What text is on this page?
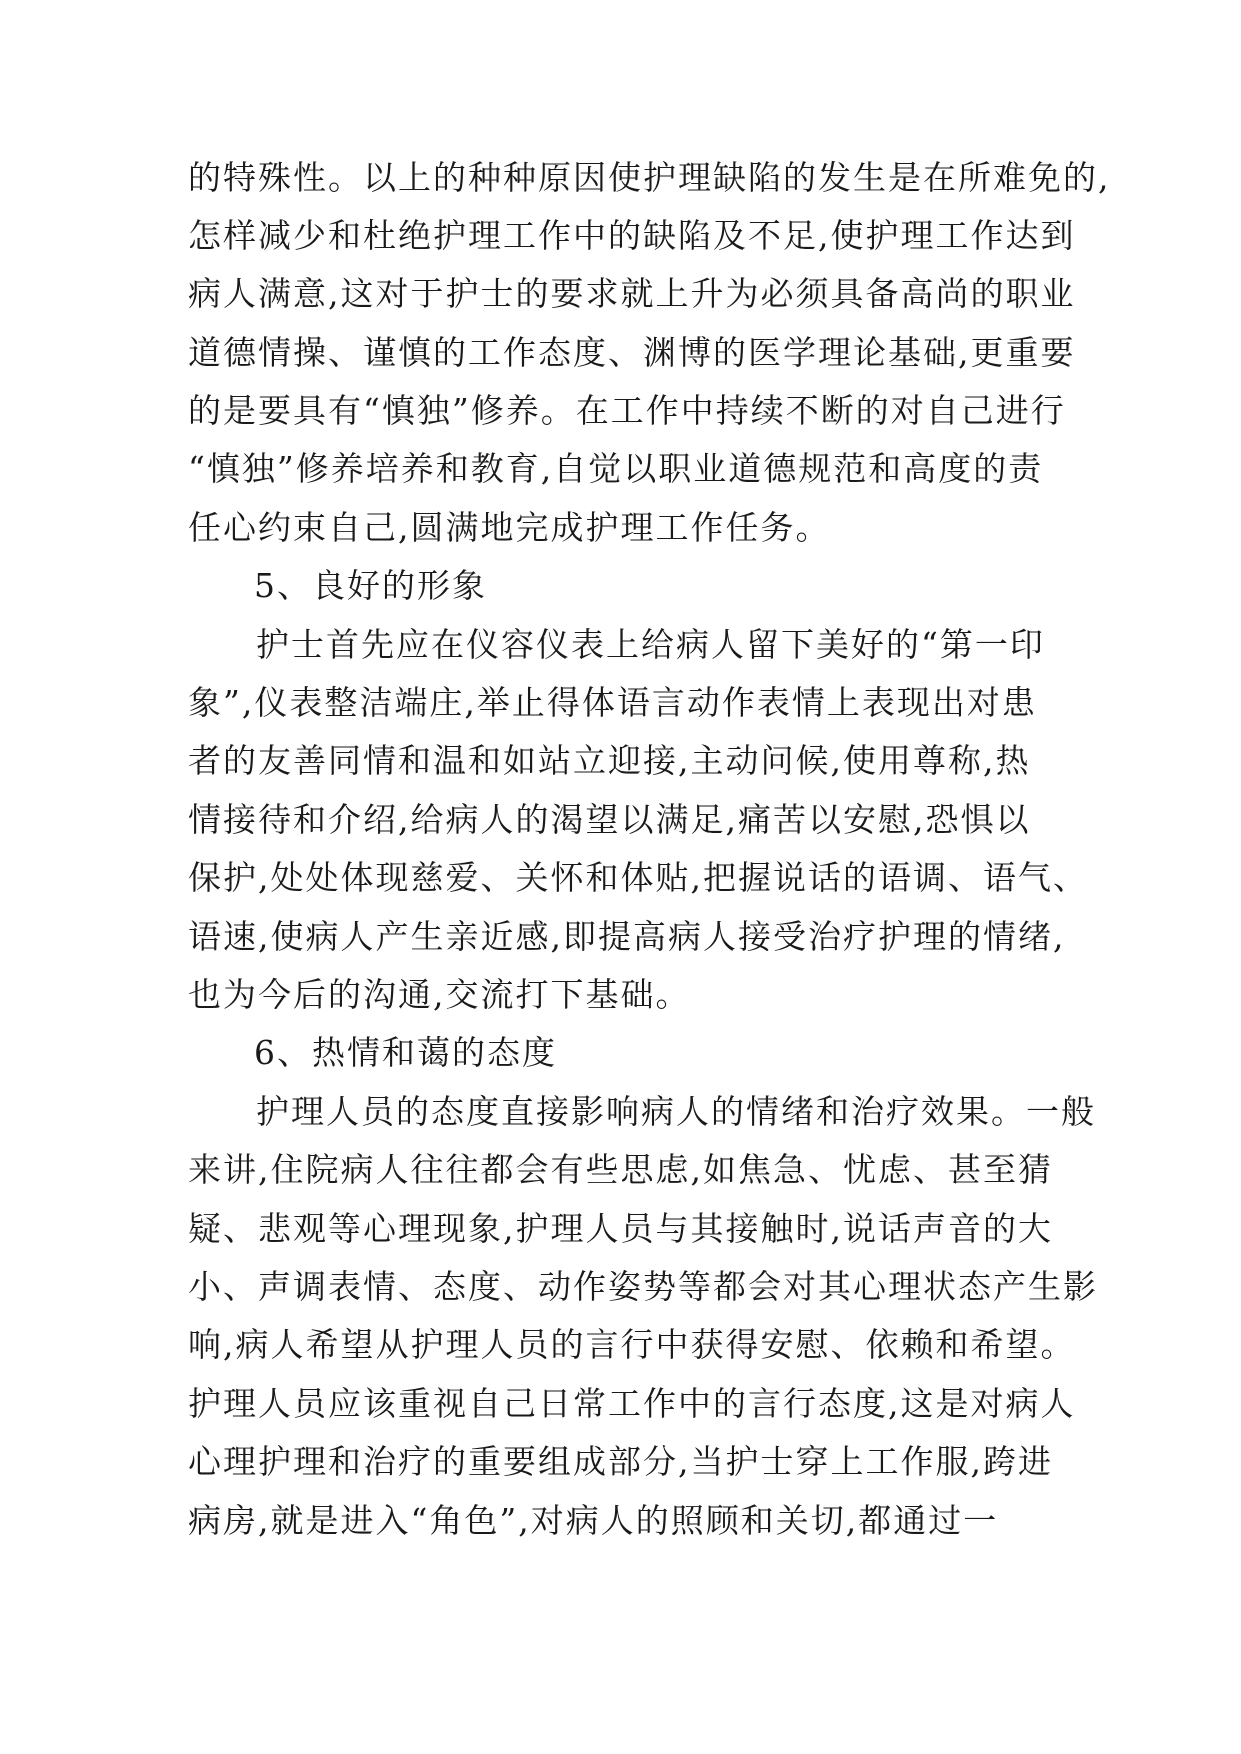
的特殊性。以上的种种原因使护理缺陷的发生是在所难免的,
怎样减少和杜绝护理工作中的缺陷及不足,使护理工作达到
病人满意,这对于护士的要求就上升为必须具备高尚的职业
道德情操、谨慎的工作态度、渊博的医学理论基础,更重要
的是要具有“慎独”修养。在工作中持续不断的对自己进行
“慎独”修养培养和教育,自觉以职业道德规范和高度的责
任心约束自己,圆满地完成护理工作任务。
5、良好的形象
护士首先应在仪容仪表上给病人留下美好的“第一印
象”,仪表整洁端庄,举止得体语言动作表情上表现出对患
者的友善同情和温和如站立迎接,主动问候,使用尊称,热
情接待和介绍,给病人的渴望以满足,痛苦以安慰,恐惧以
保护,处处体现慈爱、关怀和体贴,把握说话的语调、语气、
语速,使病人产生亲近感,即提高病人接受治疗护理的情绪,
也为今后的沟通,交流打下基础。
6、热情和蔼的态度
护理人员的态度直接影响病人的情绪和治疗效果。一般
来讲,住院病人往往都会有些思虑,如焦急、忧虑、甚至猜
疑、悲观等心理现象,护理人员与其接触时,说话声音的大
小、声调表情、态度、动作姿势等都会对其心理状态产生影
响,病人希望从护理人员的言行中获得安慰、依赖和希望。
护理人员应该重视自己日常工作中的言行态度,这是对病人
心理护理和治疗的重要组成部分,当护士穿上工作服,跨进
病房,就是进入“角色”,对病人的照顾和关切,都通过一
